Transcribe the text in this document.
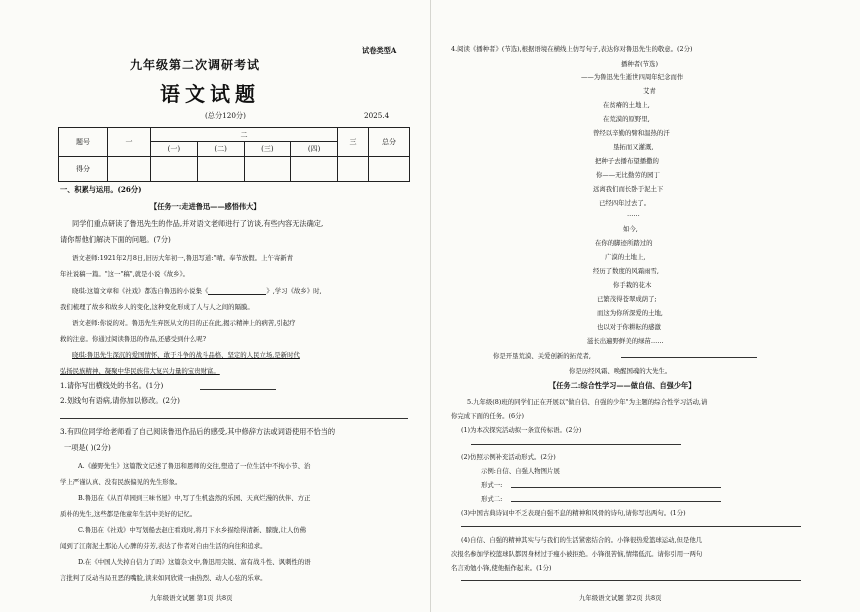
试卷类型A
九年级第二次调研考试
语文试题
(总分120分)	2025.4
题号	一	二				三	总分
		(一)	(二)	(三)	(四)		
得分							
一、积累与运用。(26分)
【任务一:走进鲁迅——感悟伟大】
同学们重点研读了鲁迅先生的作品,并对语文老师进行了访谈,有些内容无法确定,
请你帮他们解决下面的问题。(7分)
语文老师:1921年2月8日,旧历大年初一,鲁迅写道:"晴。奉节放假。上午寄新青
年社说稿一篇。"这一"稿",就是小说《故乡》。
晓琪:这篇文章和《社戏》都选自鲁迅的小说集《	》,学习《故乡》时,
我们梳理了故乡和故乡人的变化,这种变化形成了人与人之间的隔膜。
语文老师:你说的对。鲁迅先生弃医从文的目的正在此,揭示精神上的病苦,引起疗
救的注意。你通过阅读鲁迅的作品,还感受到什么呢?
晓琪:鲁迅先生深沉的爱国情怀、敢于斗争的战斗品格、坚定的人民立场,是新时代
弘扬民族精神、凝聚中华民族伟大复兴力量的宝贵财富。
1.请你写出横线处的书名。(1分)
2.划线句有语病,请你加以修改。(2分)
3.有四位同学给老师看了自己阅读鲁迅作品后的感受,其中修辞方法或词语使用不恰当的
一项是( )(2分)
A.《藤野先生》这篇散文记述了鲁迅和恩师的交往,塑造了一位生活中不拘小节、治
学上严谨认真、没有民族偏见的先生形象。
B.鲁迅在《从百草园到三味书屋》中,写了生机盎然的乐园、天真烂漫的伙伴、方正
质朴的先生,这些都是他童年生活中美好的记忆。
C.鲁迅在《社戏》中写划船去赵庄看戏时,将月下水乡描绘得清新、朦胧,让人仿佛
闻到了江南泥土那沁人心脾的芬芳,表达了作者对自由生活的向往和追求。
D.在《中国人失掉自信力了吗》这篇杂文中,鲁迅用尖锐、富有战斗性、讽刺性的语
言批判了反动当局丑恶的嘴脸,读来如同欣赏一曲热烈、动人心弦的乐章。
九年级语文试题 第1页 共8页
4.阅读《播种者》(节选),根据语境在横线上仿写句子,表达你对鲁迅先生的敬意。(2分)
播种者(节选)
——为鲁迅先生逝世四周年纪念而作
艾青
在贫瘠的土地上,
在荒漠的原野里,
曾经以辛勤的臂和温热的汗
垦拓而又灌溉,
把种子去播布望播撒的
你——无比勤劳的园丁
远离我们而长卧于泥土下
已经四年过去了。
……
如今,
在你的脚迹所踏过的
广漠的土地上,
经历了数度的风霜雨雪,
你手栽的花木
已繁茂得苍翠成荫了;
而这为你所深爱的土地,
也以对于你耕耘的感激
滋长出遍野鲜美的绿苗……
你是开垦荒漠、关爱创新的拓荒者,
你是历经风霜、唤醒国魂的大先生。
【任务二:综合性学习——做自信、自强少年】
5.九年级(8)班的同学们正在开展以"做自信、自强的少年"为主题的综合性学习活动,请
你完成下面的任务。(6分)
(1)为本次探究活动拟一条宣传标语。(2分)
(2)仿照示例补充活动形式。(2分)
示例:自信、自强人物图片展
形式一:
形式二:
(3)中国古典诗词中不乏表现自强不息的精神和风骨的诗句,请你写出两句。(1分)
(4)自信、自强的精神其实与与我们的生活紧密结合的。小锋很热爱篮球运动,但是他几
次报名参加学校篮球队都因身材过于瘦小被拒绝。小锋很苦恼,情绪低沉。请你引用一两句
名言劝勉小锋,使他振作起来。(1分)
九年级语文试题 第2页 共8页
